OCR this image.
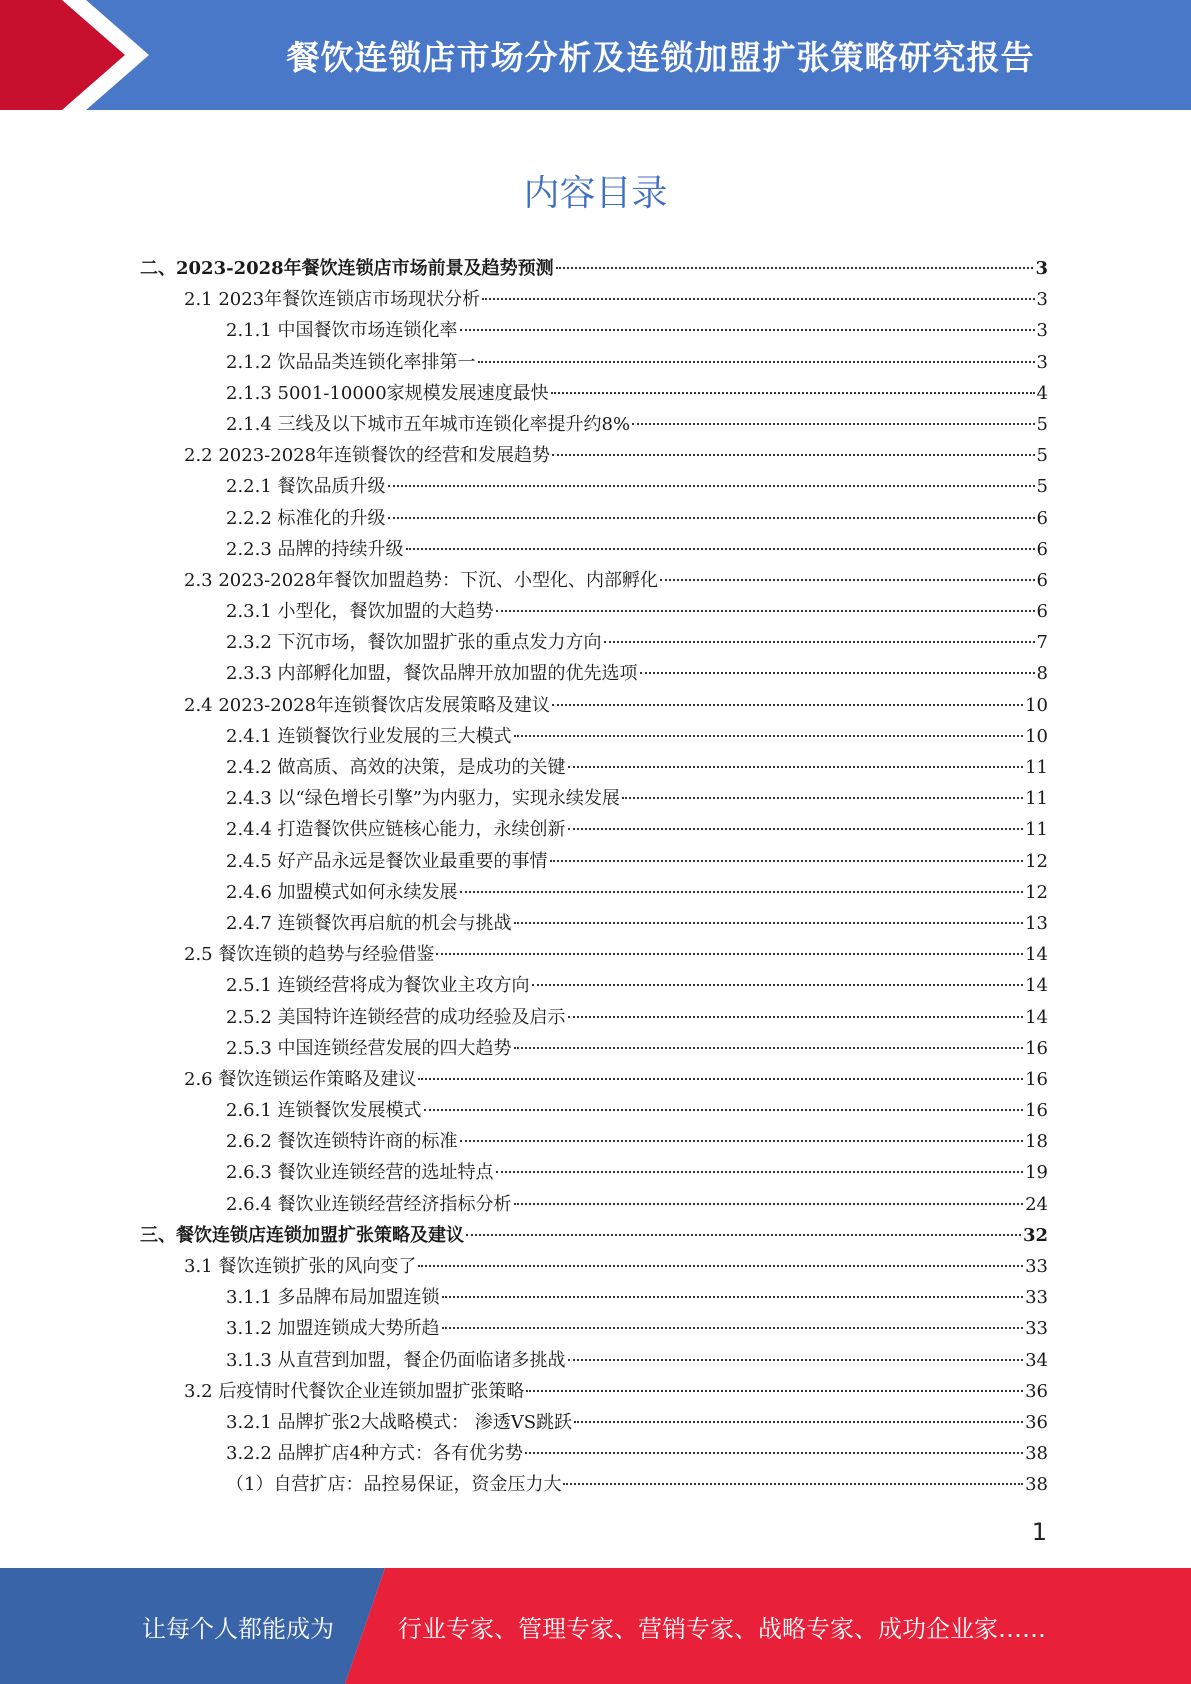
餐饮连锁店市场分析及连锁加盟扩张策略研究报告
内容目录
二、2023-2028年餐饮连锁店市场前景及趋势预测	3
2.1 2023年餐饮连锁店市场现状分析	3
2.1.1 中国餐饮市场连锁化率	3
2.1.2 饮品品类连锁化率排第一	3
2.1.3 5001-10000家规模发展速度最快	4
2.1.4 三线及以下城市五年城市连锁化率提升约8%	5
2.2 2023-2028年连锁餐饮的经营和发展趋势	5
2.2.1 餐饮品质升级	5
2.2.2 标准化的升级	6
2.2.3 品牌的持续升级	6
2.3 2023-2028年餐饮加盟趋势：下沉、小型化、内部孵化	6
2.3.1 小型化，餐饮加盟的大趋势	6
2.3.2 下沉市场，餐饮加盟扩张的重点发力方向	7
2.3.3 内部孵化加盟，餐饮品牌开放加盟的优先选项	8
2.4 2023-2028年连锁餐饮店发展策略及建议	10
2.4.1 连锁餐饮行业发展的三大模式	10
2.4.2 做高质、高效的决策，是成功的关键	11
2.4.3 以“绿色增长引擎”为内驱力，实现永续发展	11
2.4.4 打造餐饮供应链核心能力，永续创新	11
2.4.5 好产品永远是餐饮业最重要的事情	12
2.4.6 加盟模式如何永续发展	12
2.4.7 连锁餐饮再启航的机会与挑战	13
2.5 餐饮连锁的趋势与经验借鉴	14
2.5.1 连锁经营将成为餐饮业主攻方向	14
2.5.2 美国特许连锁经营的成功经验及启示	14
2.5.3 中国连锁经营发展的四大趋势	16
2.6 餐饮连锁运作策略及建议	16
2.6.1 连锁餐饮发展模式	16
2.6.2 餐饮连锁特许商的标准	18
2.6.3 餐饮业连锁经营的选址特点	19
2.6.4 餐饮业连锁经营经济指标分析	24
三、餐饮连锁店连锁加盟扩张策略及建议	32
3.1 餐饮连锁扩张的风向变了	33
3.1.1 多品牌布局加盟连锁	33
3.1.2 加盟连锁成大势所趋	33
3.1.3 从直营到加盟，餐企仍面临诸多挑战	34
3.2 后疫情时代餐饮企业连锁加盟扩张策略	36
3.2.1 品牌扩张2大战略模式： 渗透VS跳跃	36
3.2.2 品牌扩店4种方式：各有优劣势	38
（1）自营扩店：品控易保证，资金压力大	38
1
让每个人都能成为	行业专家、管理专家、营销专家、战略专家、成功企业家……
